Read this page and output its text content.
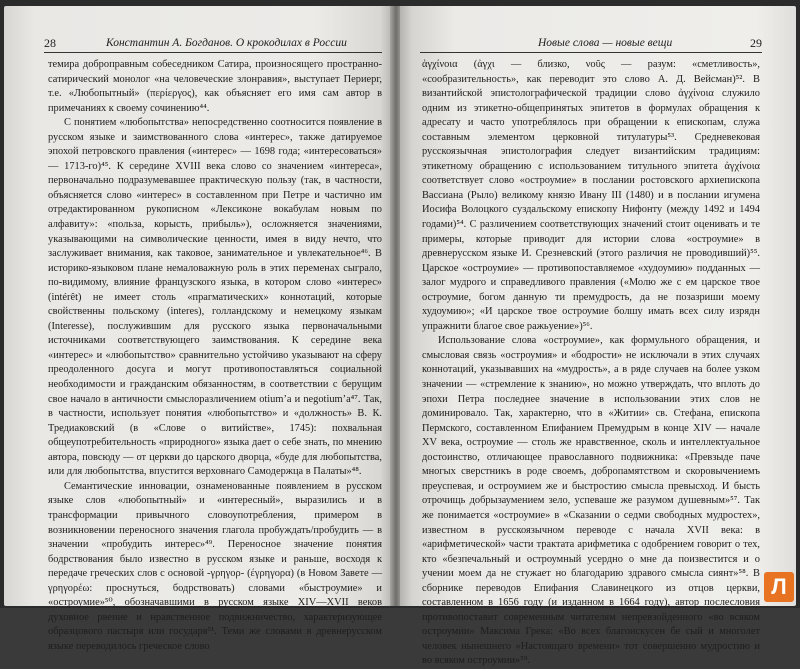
28	Константин А. Богданов. О крокодилах в России

темира доброправным собеседником Сатира, произносящего пространно-сатирический монолог «на человеческие злонравия», выступает Периерг, т.е. «Любопытный» (περίεργος), как объясняет его имя сам автор в примечаниях к своему сочинению⁴⁴.

С понятием «любопытства» непосредственно соотносится появление в русском языке и заимствованного слова «интерес», также датируемое эпохой петровского правления («интерес» — 1698 года; «интересоваться» — 1713-го)⁴⁵. К середине XVIII века слово со значением «интереса», первоначально подразумевавшее практическую пользу (так, в частности, объясняется слово «интерес» в составленном при Петре и частично им отредактированном рукописном «Лексиконе вокабулам новым по алфавиту»: «польза, корысть, прибыль»), осложняется значениями, указывающими на символические ценности, имея в виду нечто, что заслуживает внимания, как таковое, занимательное и увлекательное⁴⁶. В историко-языковом плане немаловажную роль в этих переменах сыграло, по-видимому, влияние французского языка, в котором слово «интерес» (intérêt) не имеет столь «прагматических» коннотаций, которые свойственны польскому (interes), голландскому и немецкому языкам (Interesse), послужившим для русского языка первоначальными источниками соответствующего заимствования. К середине века «интерес» и «любопытство» сравнительно устойчиво указывают на сферу преодоленного досуга и могут противопоставляться социальной необходимости и гражданским обязанностям, в соответствии с берущим свое начало в античности смыслоразличением otium’а и negotium’а⁴⁷. Так, в частности, использует понятия «любопытство» и «должность» В. К. Тредиаковский (в «Слове о витийстве», 1745): похвальная общеупотребительность «природного» языка дает о себе знать, по мнению автора, повсюду — от церкви до царского дворца, «буде для любопытства, или для любопытства, впустится верховнаго Самодержца в Палаты»⁴⁸.

Семантические инновации, ознаменованные появлением в русском языке слов «любопытный» и «интересный», выразились и в трансформации привычного словоупотребления, примером в возникновении переносного значения глагола пробуждать/пробудить — в значении «пробудить интерес»⁴⁹. Переносное значение понятия бодрствования было известно в русском языке и раньше, восходя к передаче греческих слов с основой -γρηγορ- (έγρηγορα) (в Новом Завете — γρηγορέω: проснуться, бодрствовать) словами «быстроумие» и «остроумие»⁵⁰, обозначавшими в русском языке XIV—XVII веков духовное рвение и нравственное подвижничество, характеризующее образцового пастыря или государя⁵¹. Теми же словами в древнерусском языке переводилось греческое слово

Новые слова — новые вещи	29

ἀγχίνοια (ἀγχι — близко, νοῦς — разум: «сметливость», «сообразительность», как переводит это слово А. Д. Вейсман)⁵². В византийской эпистолографической традиции слово ἀγχίνοια служило одним из этикетно-общепринятых эпитетов в формулах обращения к адресату и часто употреблялось при обращении к епископам, служа составным элементом церковной титулатуры⁵³. Средневековая русскоязычная эпистолография следует византийским традициям: этикетному обращению с использованием титульного эпитета ἀγχίνοια соответствует слово «остроумие» в послании ростовского архиепископа Вассиана (Рыло) великому князю Ивану III (1480) и в послании игумена Иосифа Волоцкого суздальскому епископу Нифонту (между 1492 и 1494 годами)⁵⁴. С различением соответствующих значений стоит оценивать и те примеры, которые приводит для истории слова «остроумие» в древнерусском языке И. Срезневский (этого различия не проводивший)⁵⁵. Царское «остроумие» — противопоставляемое «худоумию» подданных — залог мудрого и справедливого правления («Молю же с ем царское твое остроумие, богом данную ти премудрость, да не позазриши моему худоумию»; «И царское твое остроумие болшу имать всех силу изрядн упражнити благое свое ражьуение»)⁵⁶.

Использование слова «остроумие», как формульного обращения, и смысловая связь «остроумия» и «бодрости» не исключали в этих случаях коннотаций, указывавших на «мудрость», а в ряде случаев на более узком значении — «стремление к знанию», но можно утверждать, что вплоть до эпохи Петра последнее значение в использовании этих слов не доминировало. Так, характерно, что в «Житии» св. Стефана, епископа Пермского, составленном Епифанием Премудрым в конце XIV — начале XV века, остроумие — столь же нравственное, сколь и интеллектуальное достоинство, отличающее православного подвижника: «Превзыде паче многых сверстникъ в роде своемъ, добропамятством и скоровычениемъ преуспевая, и остроумием же и быстростию смысла превысход. И бысть отрочищь добрызаумением зело, успеваше же разумом душевным»⁵⁷. Так же понимается «остроумие» в «Сказании о седми свободных мудростех», известном в русскоязычном переводе с начала XVII века: в «арифметической» части трактата арифметика с одобрением говорит о тех, кто «безпечальный и остроумный усердно о мне да поизвестится и о учении моем да не стужает но благодарию здравого смысла сиянт»⁵⁸. В сборнике переводов Епифания Славинецкого из отцов церкви, составленном в 1656 году (и изданном в 1664 году), автор послесловия противопоставит современным читателям непревзойденного «во всяком остроумии» Максима Грека: «Во всех благоискусен бе сый и многолет человек нынешнего «Настоящаго времени» тот совершенно мудростию и во всяком остроумии»⁵⁹.

Л
